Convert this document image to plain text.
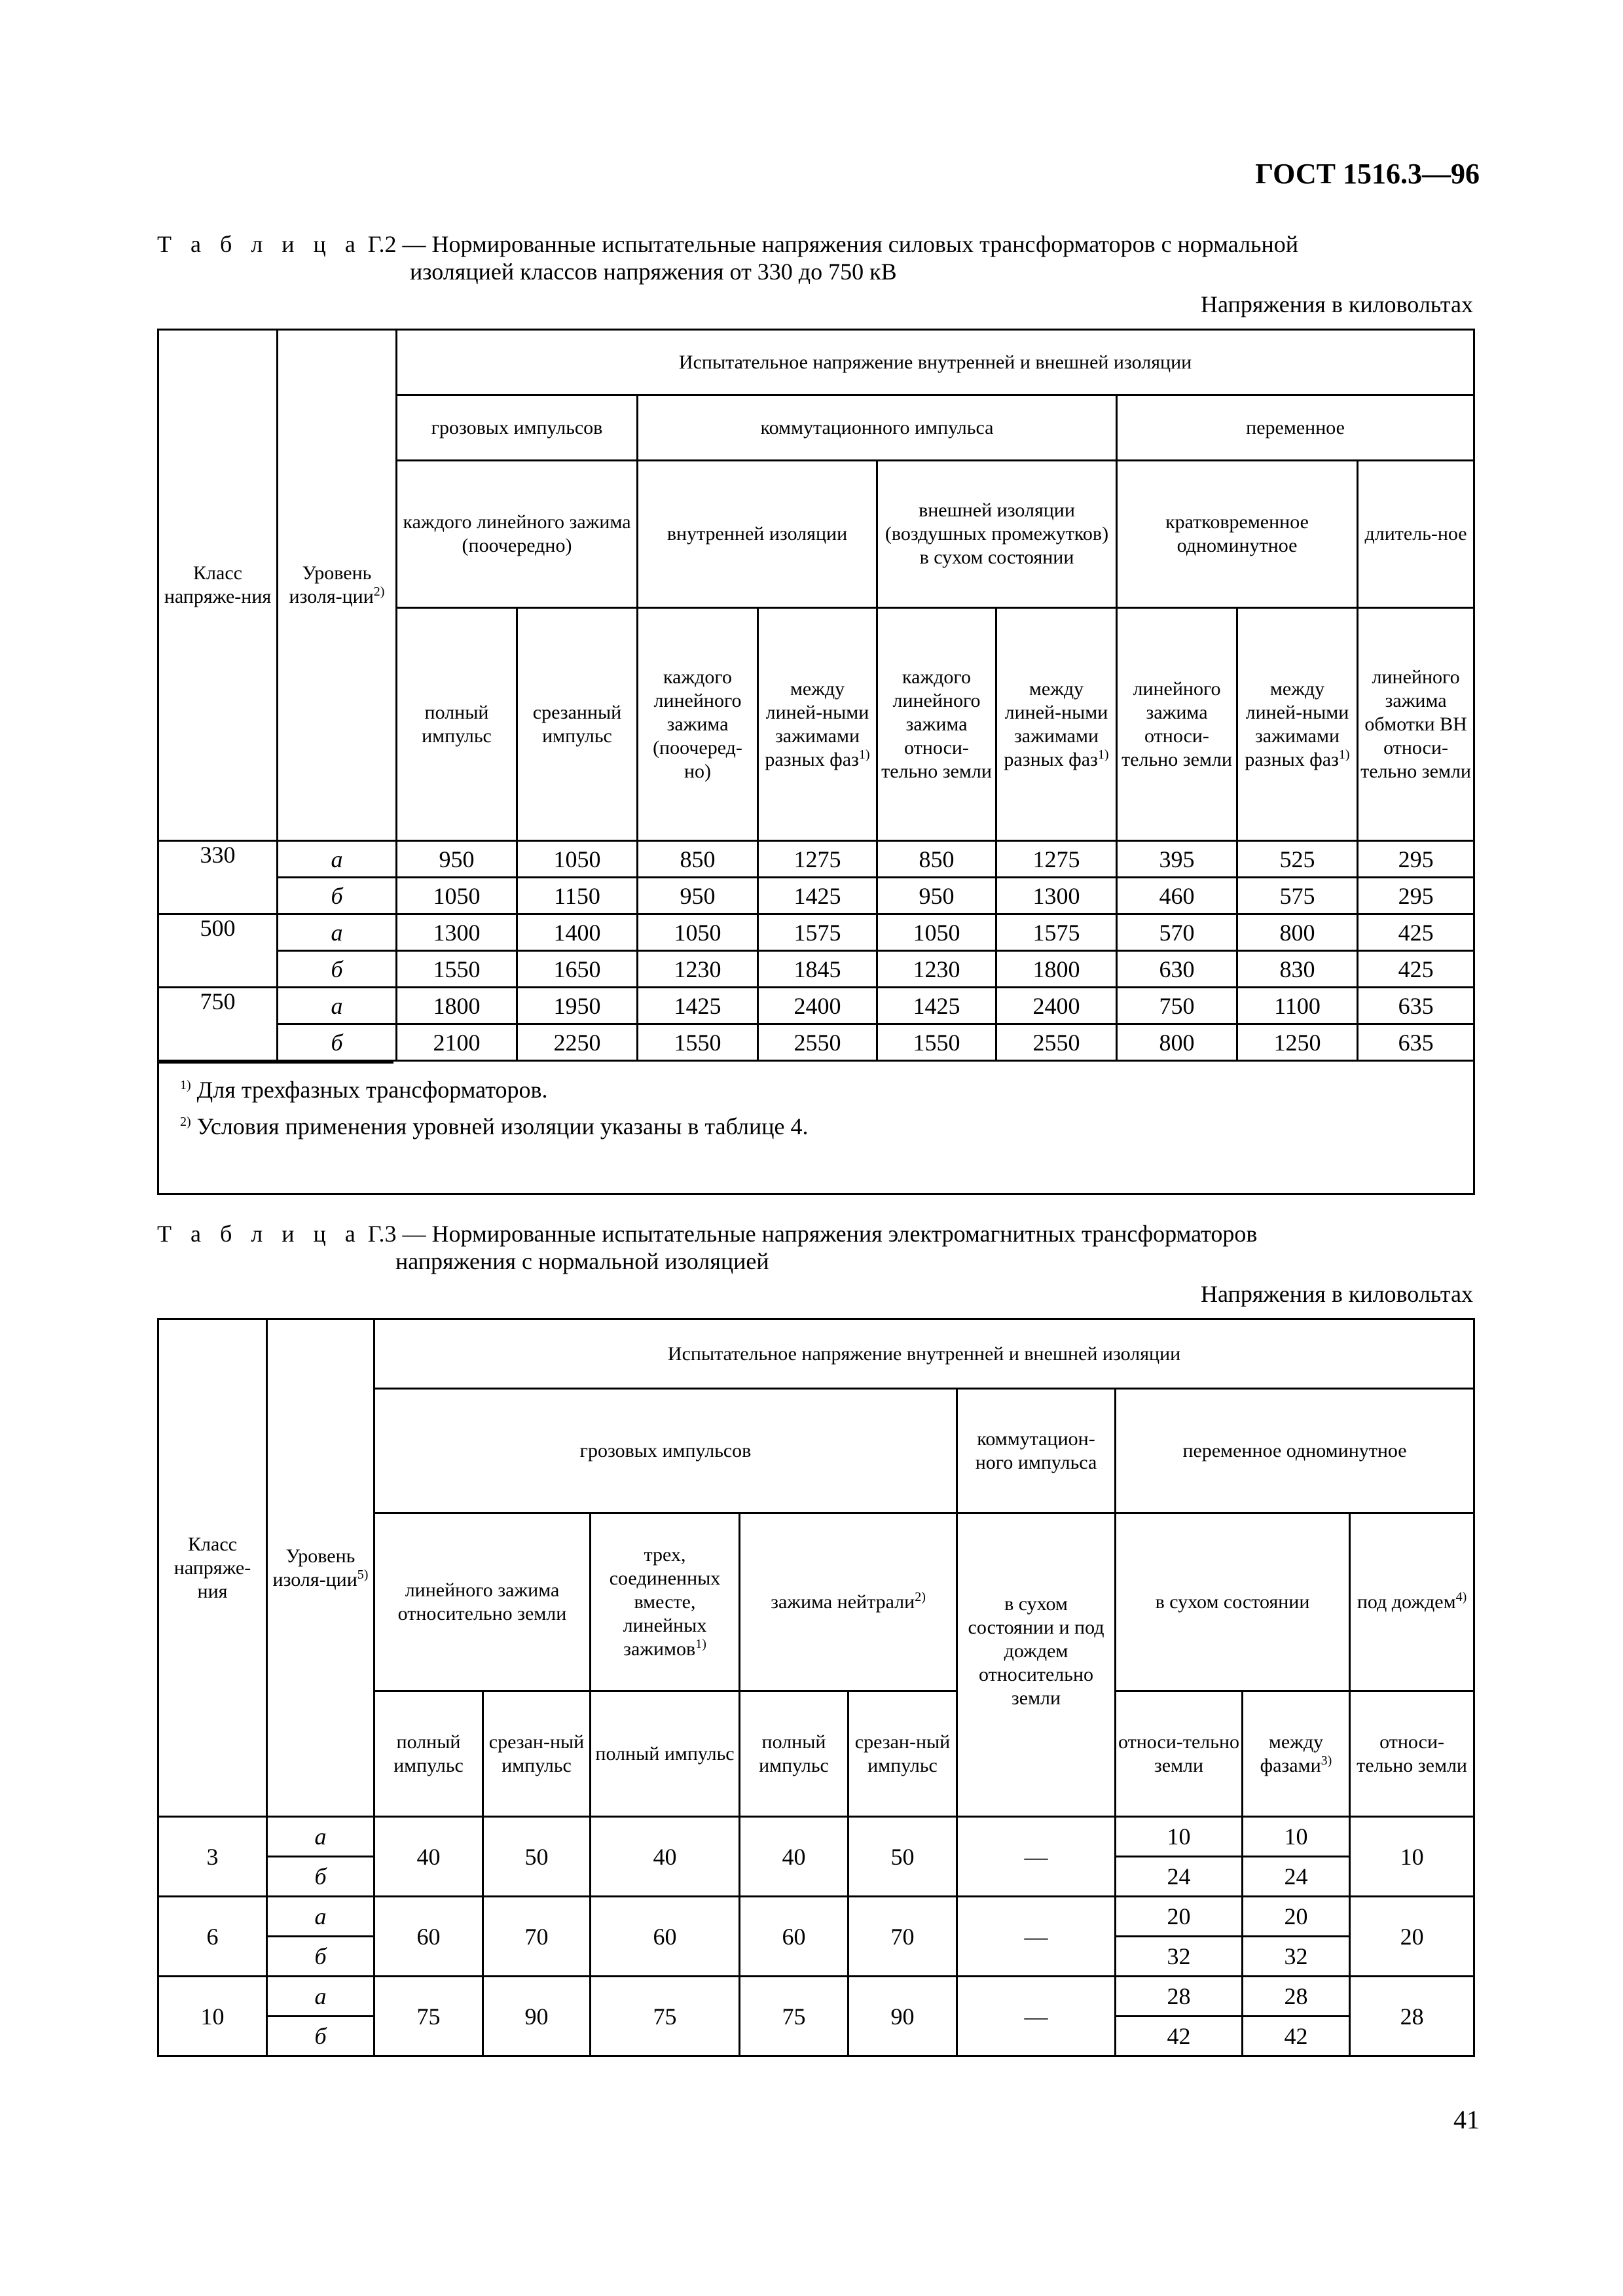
ГОСТ 1516.3—96
Т а б л и ц а Г.2 — Нормированные испытательные напряжения силовых трансформаторов с нормальной
изоляцией классов напряжения от 330 до 750 кВ
Напряжения в киловольтах
Класс напряже-ния	Уровень изоля-ции$^{2)}$	Испытательное напряжение внутренней и внешней изоляции								
		грозовых импульсов		коммутационного импульса				переменное		
		каждого линейного зажима (поочередно)		внутренней изоляции		внешней изоляции (воздушных промежутков) в сухом состоянии		кратковременное одноминутное		длитель-ное
		полный импульс	срезанный импульс	каждого линейного зажима (поочеред-но)	между линей-ными зажимами разных фаз$^{1)}$	каждого линейного зажима относи-тельно земли	между линей-ными зажимами разных фаз$^{1)}$	линейного зажима относи-тельно земли	между линей-ными зажимами разных фаз$^{1)}$	линейного зажима обмотки ВН относи-тельно земли
330	а	950	1050	850	1275	850	1275	395	525	295
	б	1050	1150	950	1425	950	1300	460	575	295
500	а	1300	1400	1050	1575	1050	1575	570	800	425
	б	1550	1650	1230	1845	1230	1800	630	830	425
750	а	1800	1950	1425	2400	1425	2400	750	1100	635
	б	2100	2250	1550	2550	1550	2550	800	1250	635

$^{1)}$ Для трехфазных трансформаторов.
$^{2)}$ Условия применения уровней изоляции указаны в таблице 4.										
Т а б л и ц а Г.3 — Нормированные испытательные напряжения электромагнитных трансформаторов
напряжения с нормальной изоляцией
Напряжения в киловольтах
Класс напряже-ния	Уровень изоля-ции$^{5)}$	Испытательное напряжение внутренней и внешней изоляции								
		грозовых импульсов					коммутацион-ного импульса	переменное одноминутное		
		линейного зажима относительно земли		трех, соединенных вместе, линейных зажимов$^{1)}$	зажима нейтрали$^{2)}$		в сухом состоянии и под дождем относительно земли	в сухом состоянии		под дождем$^{4)}$
		полный импульс	срезан-ный импульс	полный импульс	полный импульс	срезан-ный импульс		относи-тельно земли	между фазами$^{3)}$	относи-тельно земли
3	а	40	50	40	40	50	—	10	10	10
	б							24	24	
6	а	60	70	60	60	70	—	20	20	20
	б							32	32	
10	а	75	90	75	75	90	—	28	28	28
	б							42	42	
41
